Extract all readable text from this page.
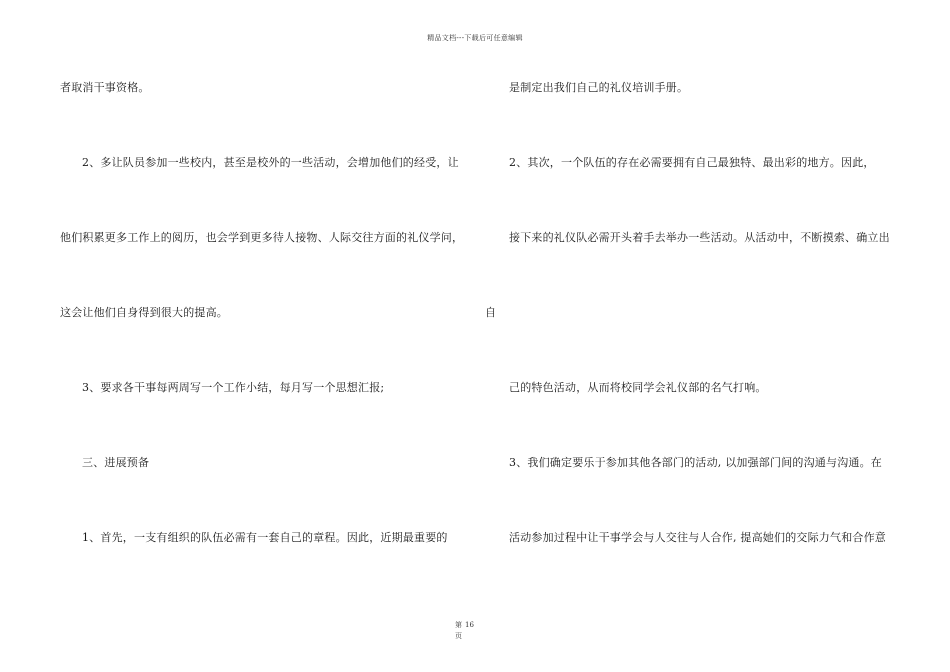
精品文档---下载后可任意编辑
者取消干事资格。
2、多让队员参加一些校内，甚至是校外的一些活动，会增加他们的经受，让
他们积累更多工作上的阅历，也会学到更多待人接物、人际交往方面的礼仪学问，
这会让他们自身得到很大的提高。
3、要求各干事每两周写一个工作小结，每月写一个思想汇报;
三、进展预备
1、首先，一支有组织的队伍必需有一套自己的章程。因此，近期最重要的
自
是制定出我们自己的礼仪培训手册。
2、其次，一个队伍的存在必需要拥有自己最独特、最出彩的地方。因此，
接下来的礼仪队必需开头着手去举办一些活动。从活动中，不断摸索、确立出
己的特色活动，从而将校同学会礼仪部的名气打响。
3、我们确定要乐于参加其他各部门的活动, 以加强部门间的沟通与沟通。在
活动参加过程中让干事学会与人交往与人合作, 提高她们的交际力气和合作意
第 16
页
